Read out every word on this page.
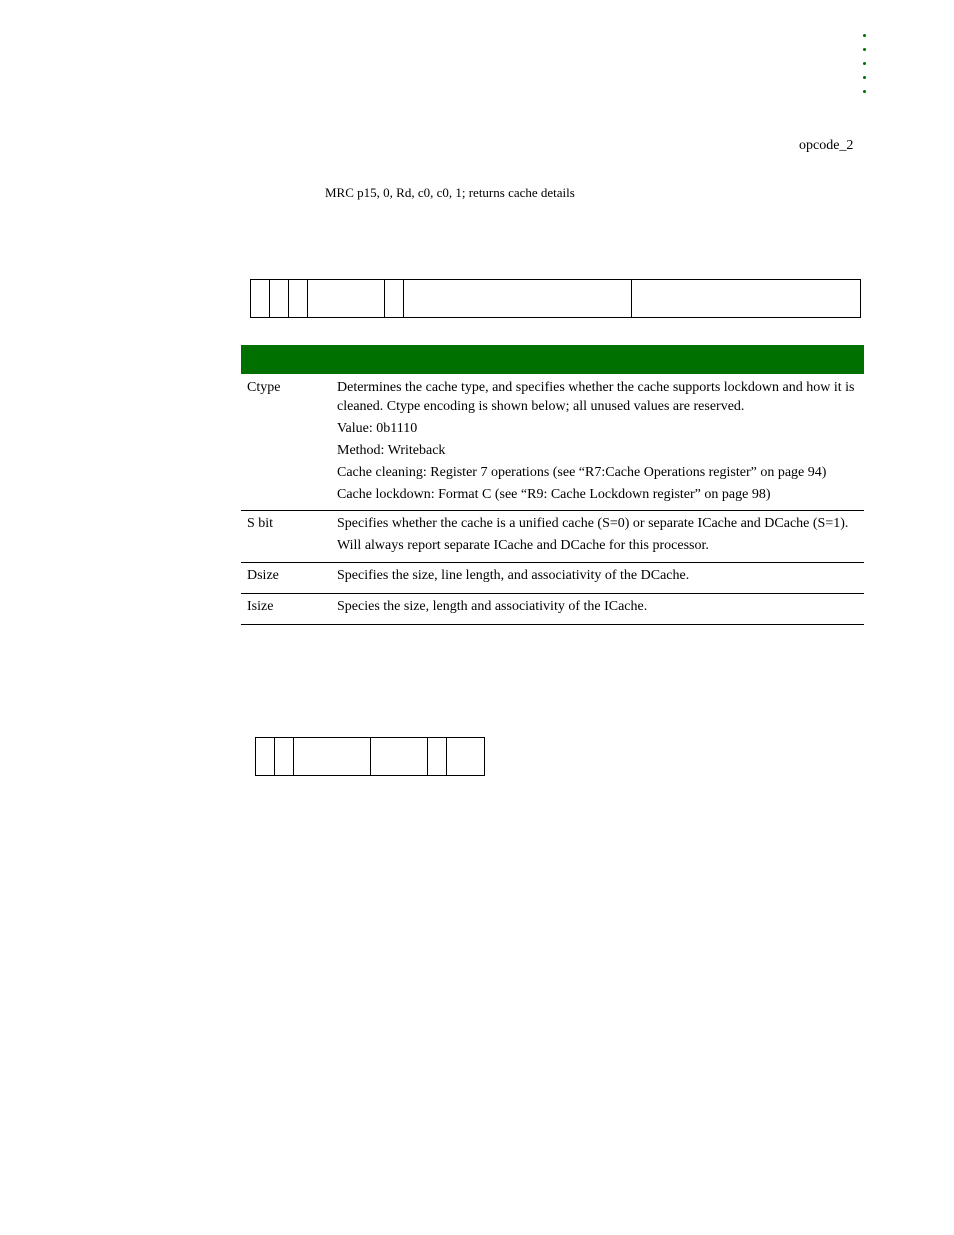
opcode_2
MRC p15, 0, Rd, c0, c0, 1; returns cache details
Ctype	Determines the cache type, and specifies whether the cache supports lockdown and how it is cleaned. Ctype encoding is shown below; all unused values are reserved.

Value: 0b1110

Method: Writeback

Cache cleaning: Register 7 operations (see “R7:Cache Operations register” on page 94)

Cache lockdown: Format C (see “R9: Cache Lockdown register” on page 98)

S bit	Specifies whether the cache is a unified cache (S=0) or separate ICache and DCache (S=1).

Will always report separate ICache and DCache for this processor.

Dsize	Specifies the size, line length, and associativity of the DCache.

Isize	Species the size, length and associativity of the ICache.
